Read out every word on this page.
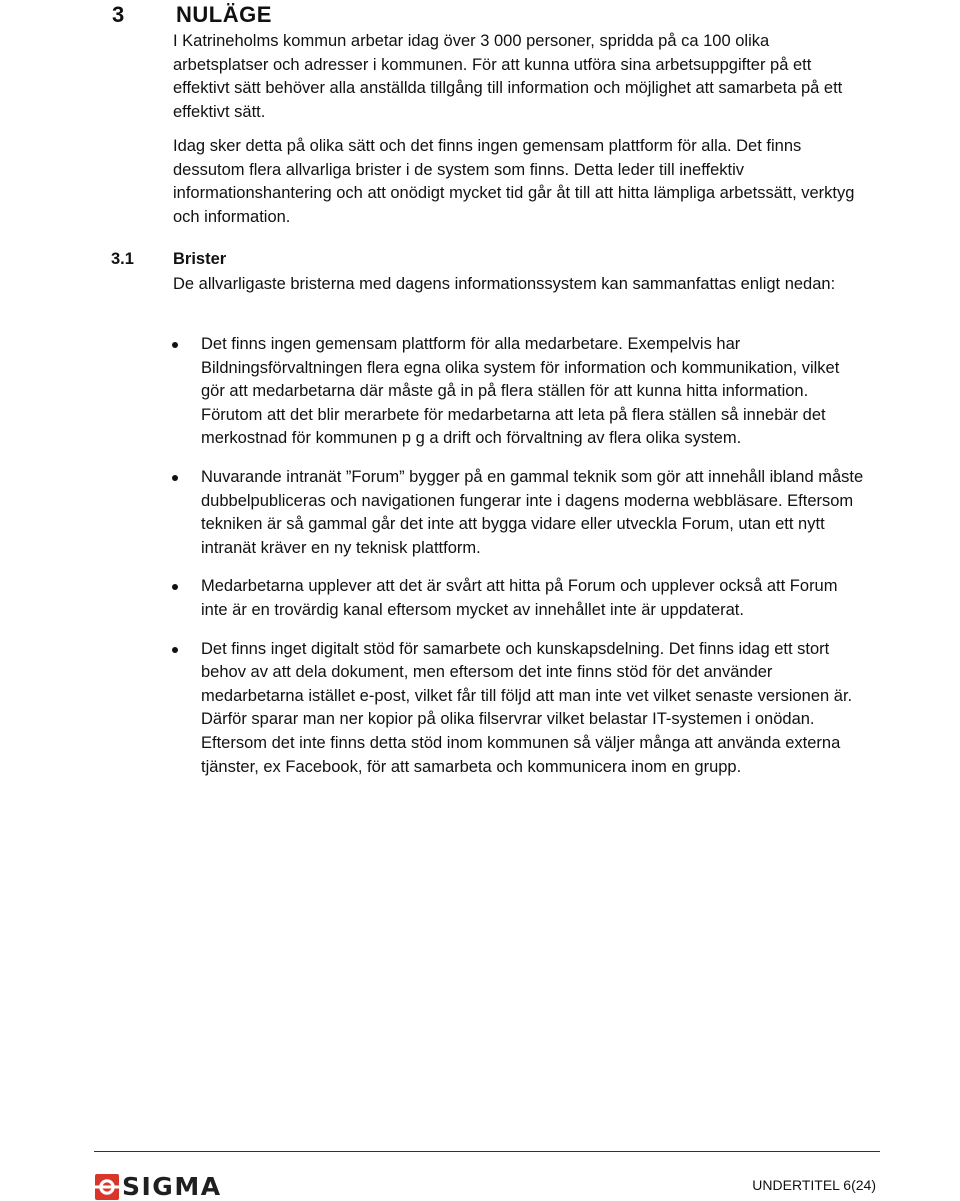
3 NULÄGE

I Katrineholms kommun arbetar idag över 3 000 personer, spridda på ca 100 olika arbetsplatser och adresser i kommunen. För att kunna utföra sina arbetsuppgifter på ett effektivt sätt behöver alla anställda tillgång till information och möjlighet att samarbeta på ett effektivt sätt.

Idag sker detta på olika sätt och det finns ingen gemensam plattform för alla. Det finns dessutom flera allvarliga brister i de system som finns. Detta leder till ineffektiv informationshantering och att onödigt mycket tid går åt till att hitta lämpliga arbetssätt, verktyg och information.

3.1 Brister

De allvarligaste bristerna med dagens informationssystem kan sammanfattas enligt nedan:

Det finns ingen gemensam plattform för alla medarbetare. Exempelvis har Bildningsförvaltningen flera egna olika system för information och kommunikation, vilket gör att medarbetarna där måste gå in på flera ställen för att kunna hitta information. Förutom att det blir merarbete för medarbetarna att leta på flera ställen så innebär det merkostnad för kommunen p g a drift och förvaltning av flera olika system.
Nuvarande intranät ”Forum” bygger på en gammal teknik som gör att innehåll ibland måste dubbelpubliceras och navigationen fungerar inte i dagens moderna webbläsare. Eftersom tekniken är så gammal går det inte att bygga vidare eller utveckla Forum, utan ett nytt intranät kräver en ny teknisk plattform.
Medarbetarna upplever att det är svårt att hitta på Forum och upplever också att Forum inte är en trovärdig kanal eftersom mycket av innehållet inte är uppdaterat.
Det finns inget digitalt stöd för samarbete och kunskapsdelning. Det finns idag ett stort behov av att dela dokument, men eftersom det inte finns stöd för det använder medarbetarna istället e-post, vilket får till följd att man inte vet vilket senaste versionen är. Därför sparar man ner kopior på olika filservrar vilket belastar IT-systemen i onödan. Eftersom det inte finns detta stöd inom kommunen så väljer många att använda externa tjänster, ex Facebook, för att samarbeta och kommunicera inom en grupp.
SIGMA	UNDERTITEL 6(24)
